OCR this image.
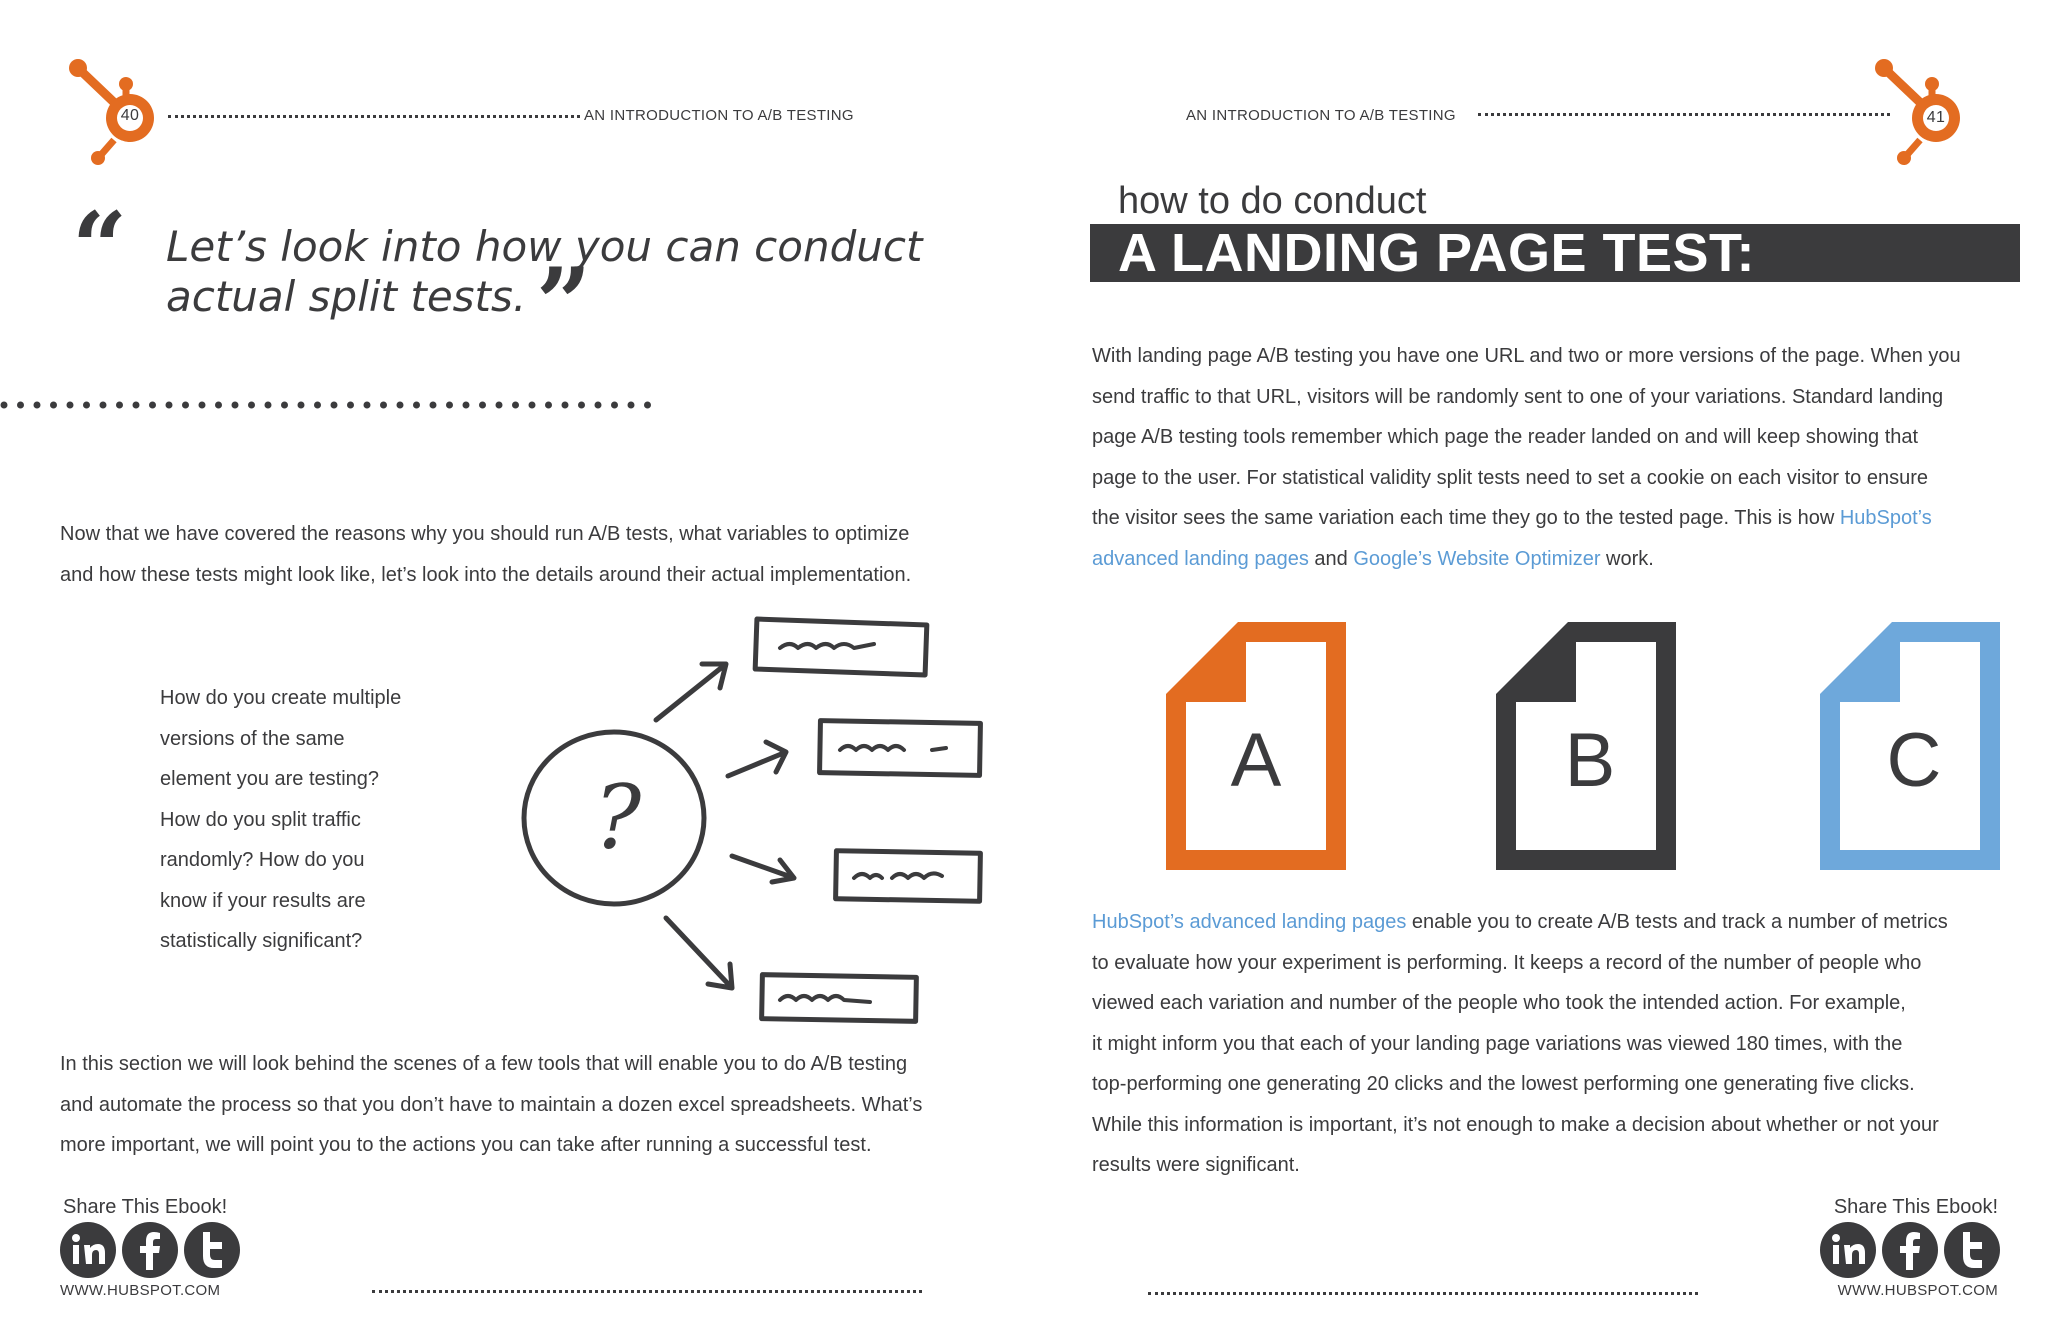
40	AN INTRODUCTION TO A/B TESTING	AN INTRODUCTION TO A/B TESTING	41
“ Let’s look into how you can conduct
actual split tests. ”

Now that we have covered the reasons why you should run A/B tests, what variables to optimize

and how these tests might look like, let’s look into the details around their actual implementation.

How do you create multiple

versions of the same

element you are testing?

How do you split traffic

randomly? How do you

know if your results are

statistically significant?

?

In this section we will look behind the scenes of a few tools that will enable you to do A/B testing

and automate the process so that you don’t have to maintain a dozen excel spreadsheets. What’s

more important, we will point you to the actions you can take after running a successful test.

Share This Ebook!
WWW.HUBSPOT.COM
how to do conduct
A LANDING PAGE TEST:

With landing page A/B testing you have one URL and two or more versions of the page. When you

send traffic to that URL, visitors will be randomly sent to one of your variations. Standard landing

page A/B testing tools remember which page the reader landed on and will keep showing that

page to the user. For statistical validity split tests need to set a cookie on each visitor to ensure

the visitor sees the same variation each time they go to the tested page. This is how HubSpot’s

advanced landing pages and Google’s Website Optimizer work.

A	B	C

HubSpot’s advanced landing pages enable you to create A/B tests and track a number of metrics

to evaluate how your experiment is performing. It keeps a record of the number of people who

viewed each variation and number of the people who took the intended action. For example,

it might inform you that each of your landing page variations was viewed 180 times, with the

top-performing one generating 20 clicks and the lowest performing one generating five clicks.

While this information is important, it’s not enough to make a decision about whether or not your

results were significant.

Share This Ebook!
WWW.HUBSPOT.COM
